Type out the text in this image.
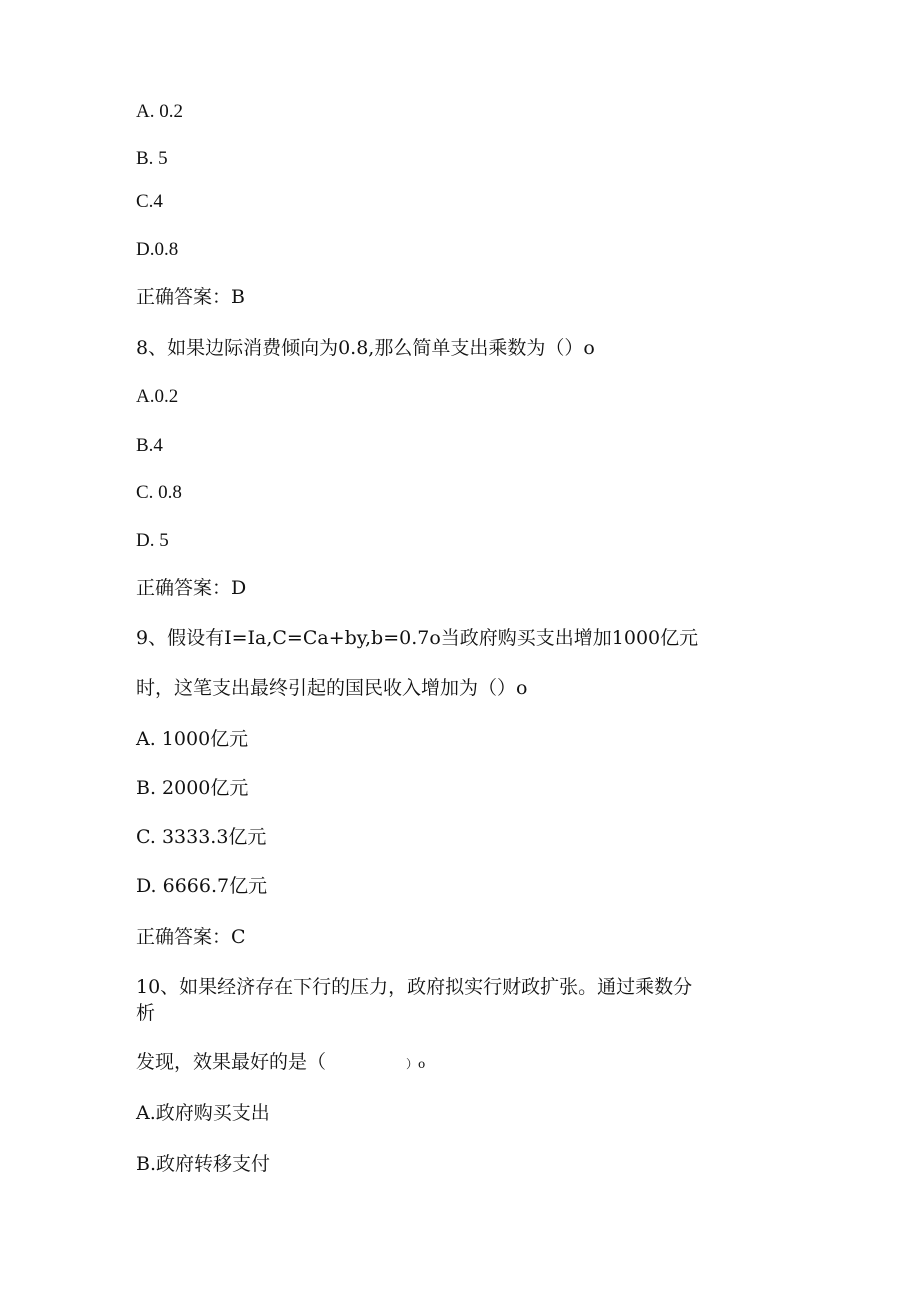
A. 0.2
B. 5
C.4
D.0.8
正确答案：B
8、如果边际消费倾向为0.8,那么简单支出乘数为（）o
A.0.2
B.4
C. 0.8
D. 5
正确答案：D
9、假设有I=Ia,C=Ca+by,b=0.7o当政府购买支出增加1000亿元
时，这笔支出最终引起的国民收入增加为（）o
A. 1000亿元
B. 2000亿元
C. 3333.3亿元
D. 6666.7亿元
正确答案：C
10、如果经济存在下行的压力，政府拟实行财政扩张。通过乘数分
析
发现，效果最好的是（	）o
A.政府购买支出
B.政府转移支付
